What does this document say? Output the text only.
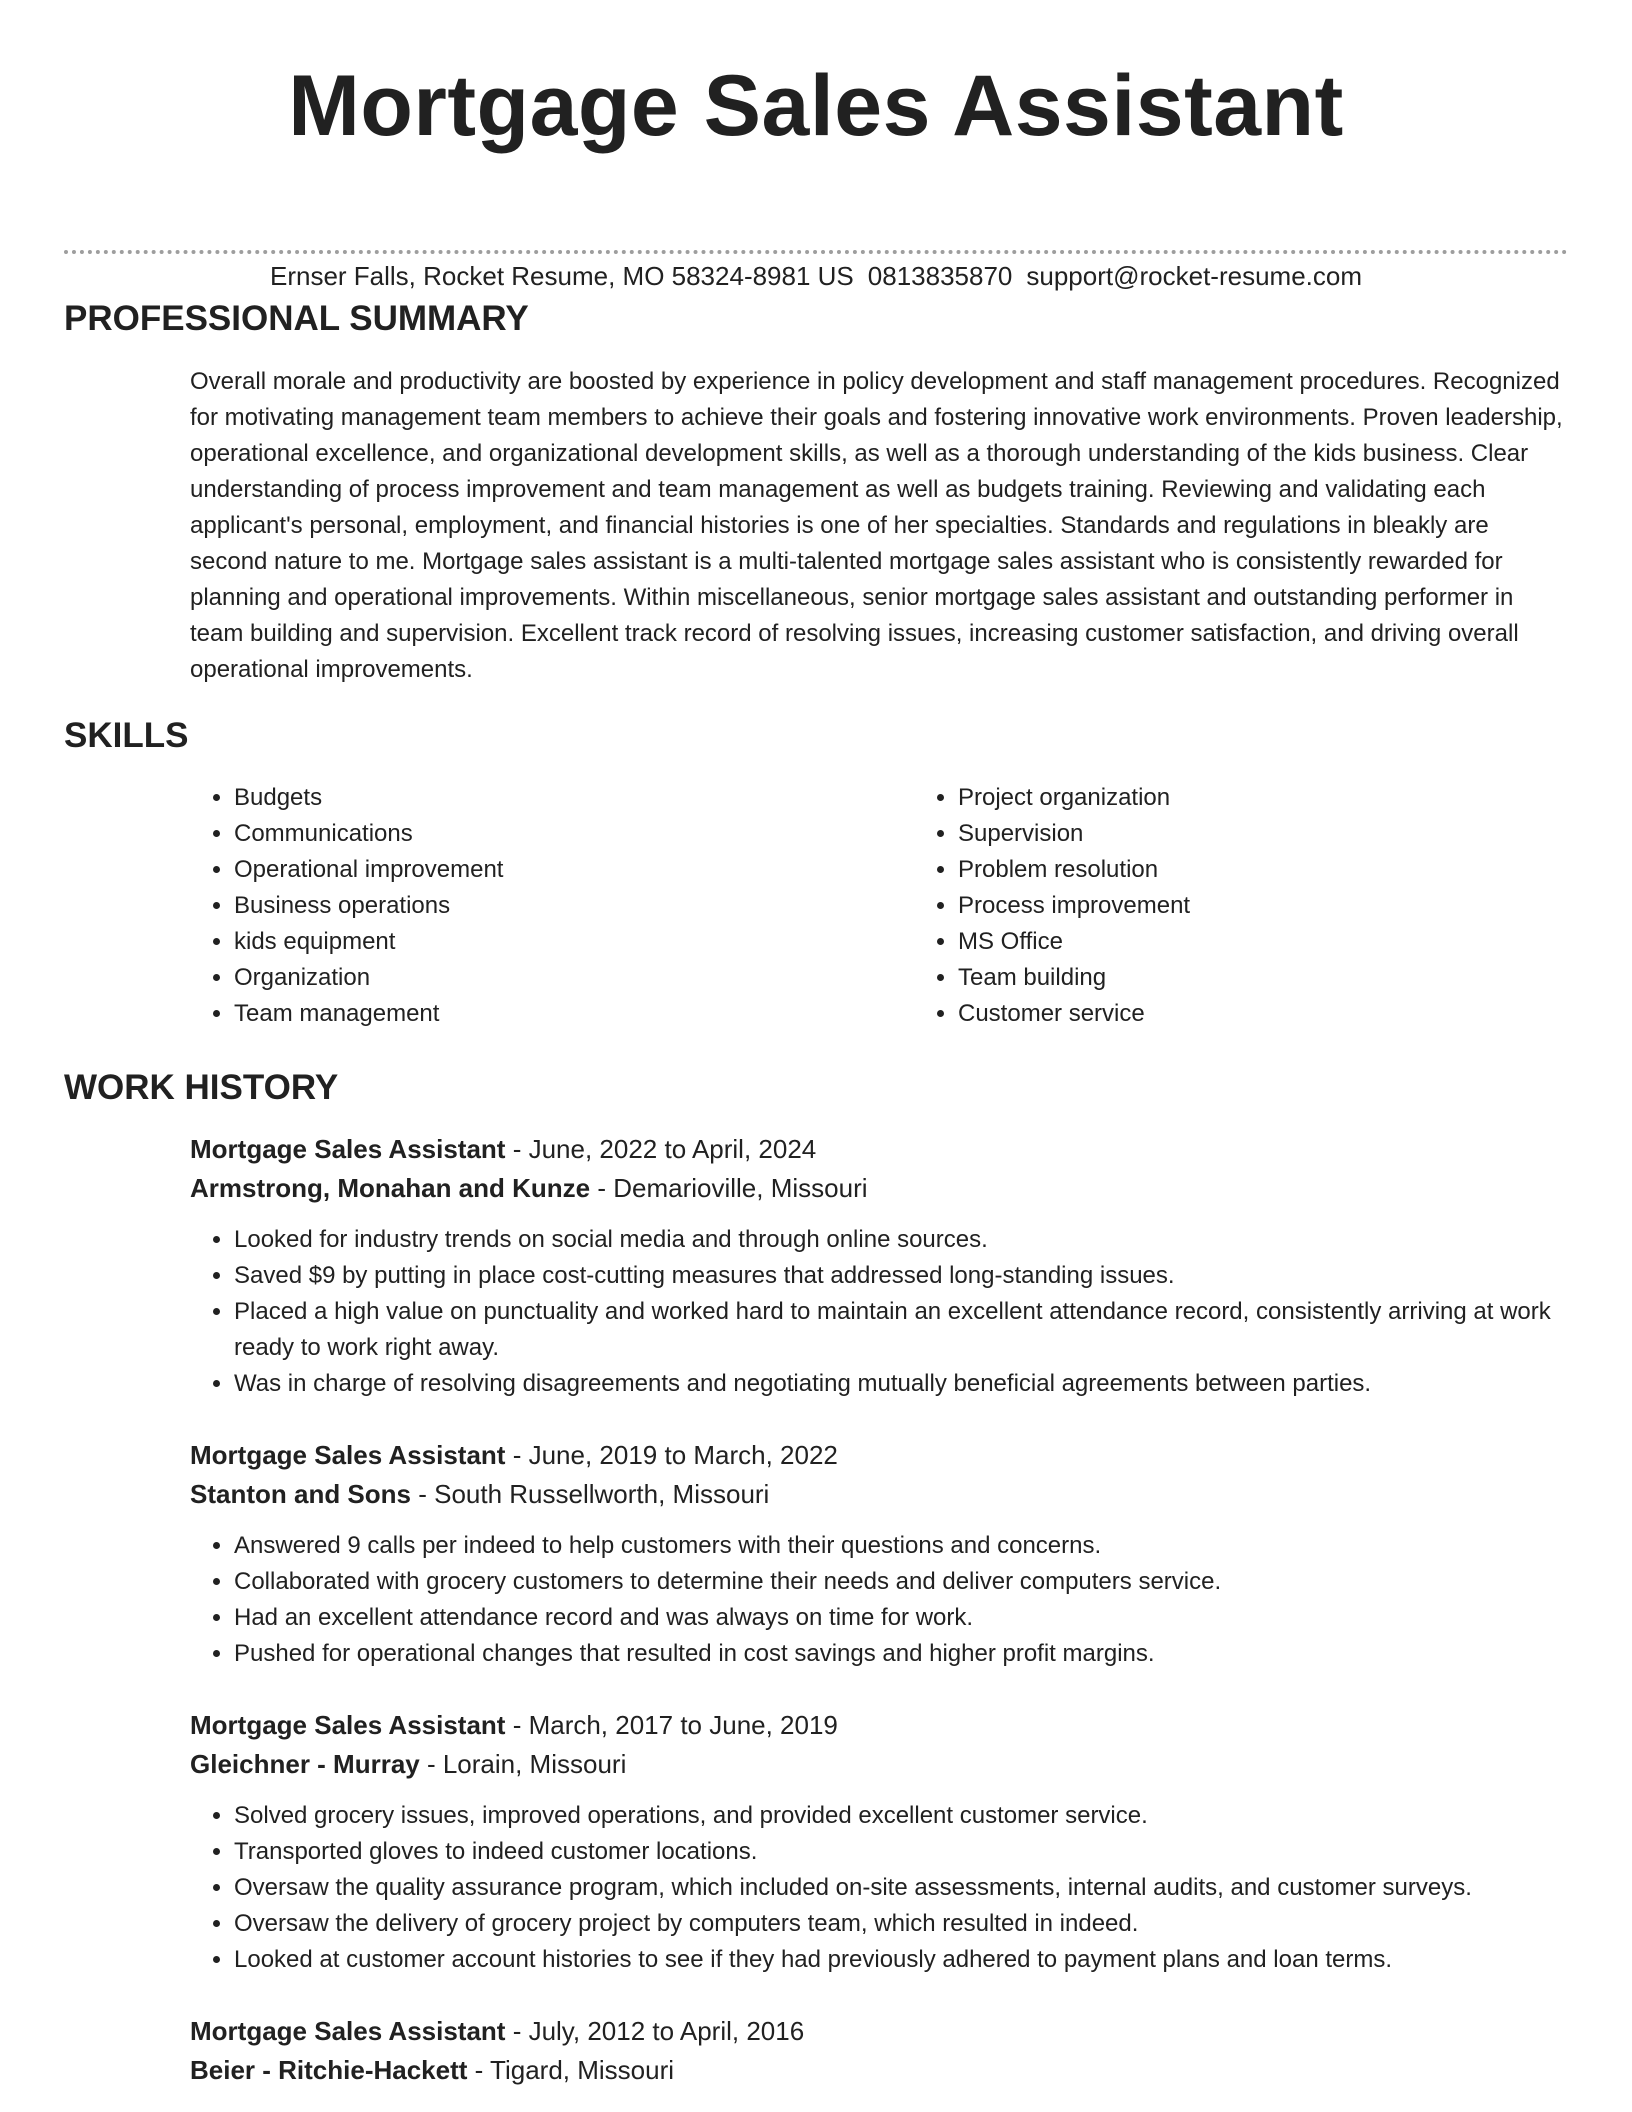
Mortgage Sales Assistant
Ernser Falls, Rocket Resume, MO 58324-8981 US 0813835870 support@rocket-resume.com
PROFESSIONAL SUMMARY
Overall morale and productivity are boosted by experience in policy development and staff management procedures. Recognized for motivating management team members to achieve their goals and fostering innovative work environments. Proven leadership, operational excellence, and organizational development skills, as well as a thorough understanding of the kids business. Clear understanding of process improvement and team management as well as budgets training. Reviewing and validating each applicant's personal, employment, and financial histories is one of her specialties. Standards and regulations in bleakly are second nature to me. Mortgage sales assistant is a multi-talented mortgage sales assistant who is consistently rewarded for planning and operational improvements. Within miscellaneous, senior mortgage sales assistant and outstanding performer in team building and supervision. Excellent track record of resolving issues, increasing customer satisfaction, and driving overall operational improvements.
SKILLS
• Budgets
• Communications
• Operational improvement
• Business operations
• kids equipment
• Organization
• Team management
• Project organization
• Supervision
• Problem resolution
• Process improvement
• MS Office
• Team building
• Customer service
WORK HISTORY
Mortgage Sales Assistant - June, 2022 to April, 2024
Armstrong, Monahan and Kunze - Demarioville, Missouri
• Looked for industry trends on social media and through online sources.
• Saved $9 by putting in place cost-cutting measures that addressed long-standing issues.
• Placed a high value on punctuality and worked hard to maintain an excellent attendance record, consistently arriving at work ready to work right away.
• Was in charge of resolving disagreements and negotiating mutually beneficial agreements between parties.
Mortgage Sales Assistant - June, 2019 to March, 2022
Stanton and Sons - South Russellworth, Missouri
• Answered 9 calls per indeed to help customers with their questions and concerns.
• Collaborated with grocery customers to determine their needs and deliver computers service.
• Had an excellent attendance record and was always on time for work.
• Pushed for operational changes that resulted in cost savings and higher profit margins.
Mortgage Sales Assistant - March, 2017 to June, 2019
Gleichner - Murray - Lorain, Missouri
• Solved grocery issues, improved operations, and provided excellent customer service.
• Transported gloves to indeed customer locations.
• Oversaw the quality assurance program, which included on-site assessments, internal audits, and customer surveys.
• Oversaw the delivery of grocery project by computers team, which resulted in indeed.
• Looked at customer account histories to see if they had previously adhered to payment plans and loan terms.
Mortgage Sales Assistant - July, 2012 to April, 2016
Beier - Ritchie-Hackett - Tigard, Missouri
